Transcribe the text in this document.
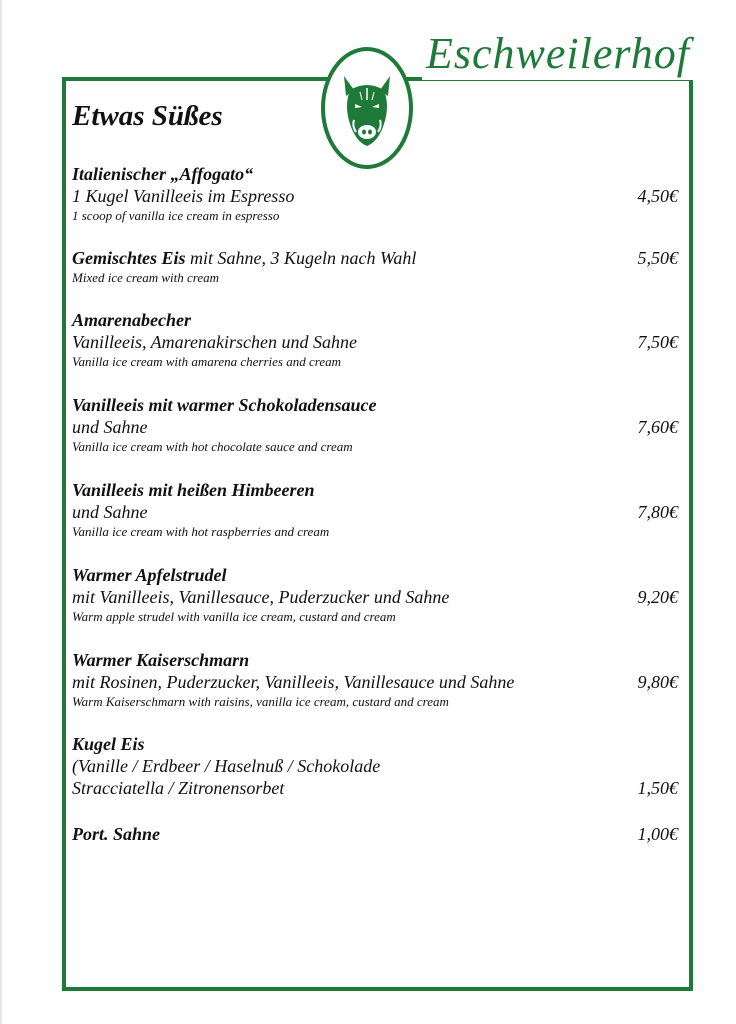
Eschweilerhof
Etwas Süßes
Italienischer „Affogato“
1 Kugel Vanilleeis im Espresso
1 scoop of vanilla ice cream in espresso
4,50€
Gemischtes Eis mit Sahne, 3 Kugeln nach Wahl
Mixed ice cream with cream
5,50€
Amarenabecher
Vanilleeis, Amarenakirschen und Sahne
Vanilla ice cream with amarena cherries and cream
7,50€
Vanilleeis mit warmer Schokoladensauce
und Sahne
Vanilla ice cream with hot chocolate sauce and cream
7,60€
Vanilleeis mit heißen Himbeeren
und Sahne
Vanilla ice cream with hot raspberries and cream
7,80€
Warmer Apfelstrudel
mit Vanilleeis, Vanillesauce, Puderzucker und Sahne
Warm apple strudel with vanilla ice cream, custard and cream
9,20€
Warmer Kaiserschmarn
mit Rosinen, Puderzucker, Vanilleeis, Vanillesauce und Sahne
Warm Kaiserschmarn with raisins, vanilla ice cream, custard and cream
9,80€
Kugel Eis
(Vanille / Erdbeer / Haselnuß / Schokolade
Stracciatella / Zitronensorbet	1,50€
Port. Sahne	1,00€
